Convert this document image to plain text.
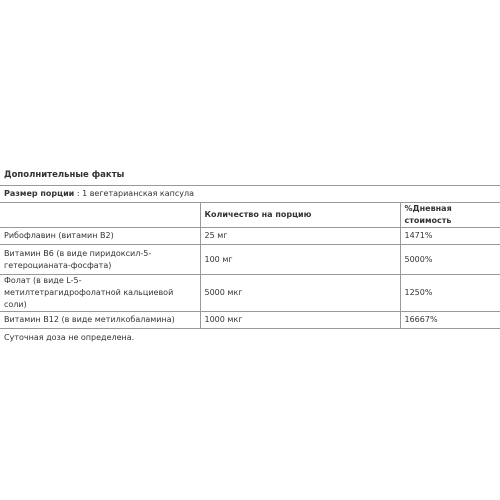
Дополнительные факты
Размер порции : 1 вегетарианская капсула
	Количество на порцию	%Дневная стоимость
Рибофлавин (витамин B2)	25 мг	1471%
Витамин B6 (в виде пиридоксил-5-гетероцианата-фосфата)	100 мг	5000%
Фолат (в виде L-5-метилтетрагидрофолатной кальциевой соли)	5000 мкг	1250%
Витамин B12 (в виде метилкобаламина)	1000 мкг	16667%
Суточная доза не определена.
